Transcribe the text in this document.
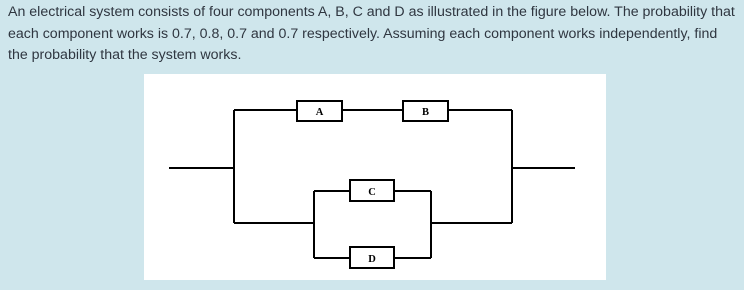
An electrical system consists of four components A, B, C and D as illustrated in the figure below. The probability that each component works is 0.7, 0.8, 0.7 and 0.7 respectively. Assuming each component works independently, find the probability that the system works.

A	B
C
D
